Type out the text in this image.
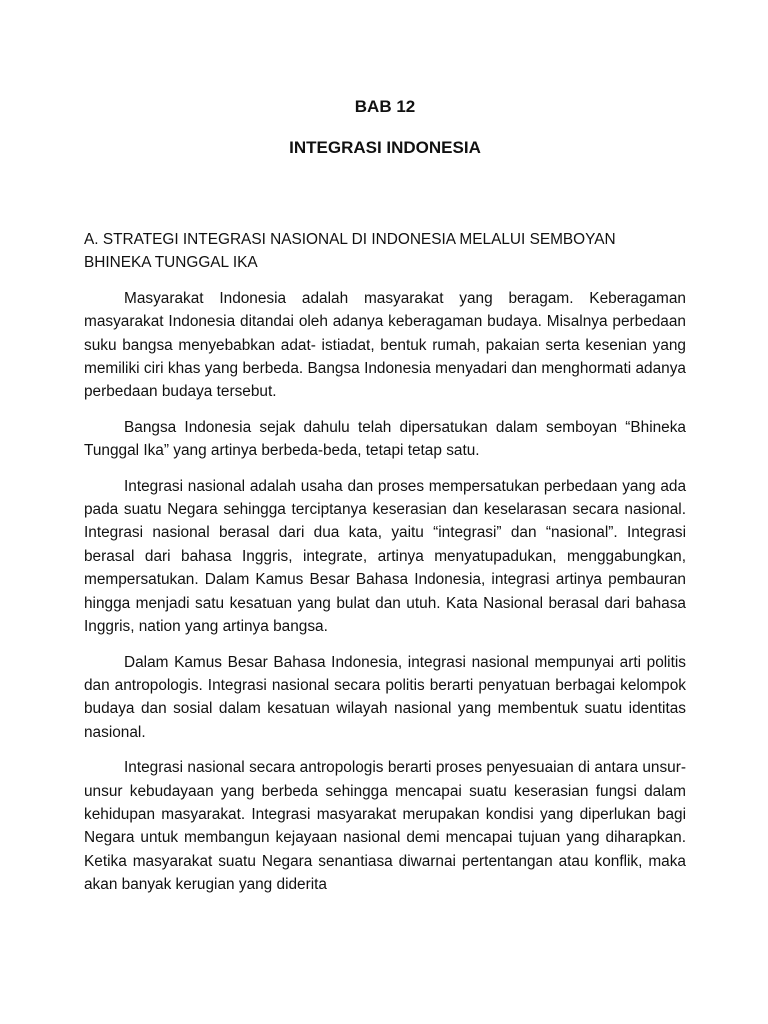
BAB 12
INTEGRASI INDONESIA

A. STRATEGI INTEGRASI NASIONAL DI INDONESIA MELALUI SEMBOYAN BHINEKA TUNGGAL IKA

Masyarakat Indonesia adalah masyarakat yang beragam. Keberagaman masyarakat Indonesia ditandai oleh adanya keberagaman budaya. Misalnya perbedaan suku bangsa menyebabkan adat- istiadat, bentuk rumah, pakaian serta kesenian yang memiliki ciri khas yang berbeda. Bangsa Indonesia menyadari dan menghormati adanya perbedaan budaya tersebut.

Bangsa Indonesia sejak dahulu telah dipersatukan dalam semboyan “Bhineka Tunggal Ika” yang artinya berbeda-beda, tetapi tetap satu.

Integrasi nasional adalah usaha dan proses mempersatukan perbedaan yang ada pada suatu Negara sehingga terciptanya keserasian dan keselarasan secara nasional. Integrasi nasional berasal dari dua kata, yaitu “integrasi” dan “nasional”. Integrasi berasal dari bahasa Inggris, integrate, artinya menyatupadukan, menggabungkan, mempersatukan. Dalam Kamus Besar Bahasa Indonesia, integrasi artinya pembauran hingga menjadi satu kesatuan yang bulat dan utuh. Kata Nasional berasal dari bahasa Inggris, nation yang artinya bangsa.

Dalam Kamus Besar Bahasa Indonesia, integrasi nasional mempunyai arti politis dan antropologis. Integrasi nasional secara politis berarti penyatuan berbagai kelompok budaya dan sosial dalam kesatuan wilayah nasional yang membentuk suatu identitas nasional.

Integrasi nasional secara antropologis berarti proses penyesuaian di antara unsur-unsur kebudayaan yang berbeda sehingga mencapai suatu keserasian fungsi dalam kehidupan masyarakat. Integrasi masyarakat merupakan kondisi yang diperlukan bagi Negara untuk membangun kejayaan nasional demi mencapai tujuan yang diharapkan. Ketika masyarakat suatu Negara senantiasa diwarnai pertentangan atau konflik, maka akan banyak kerugian yang diderita
